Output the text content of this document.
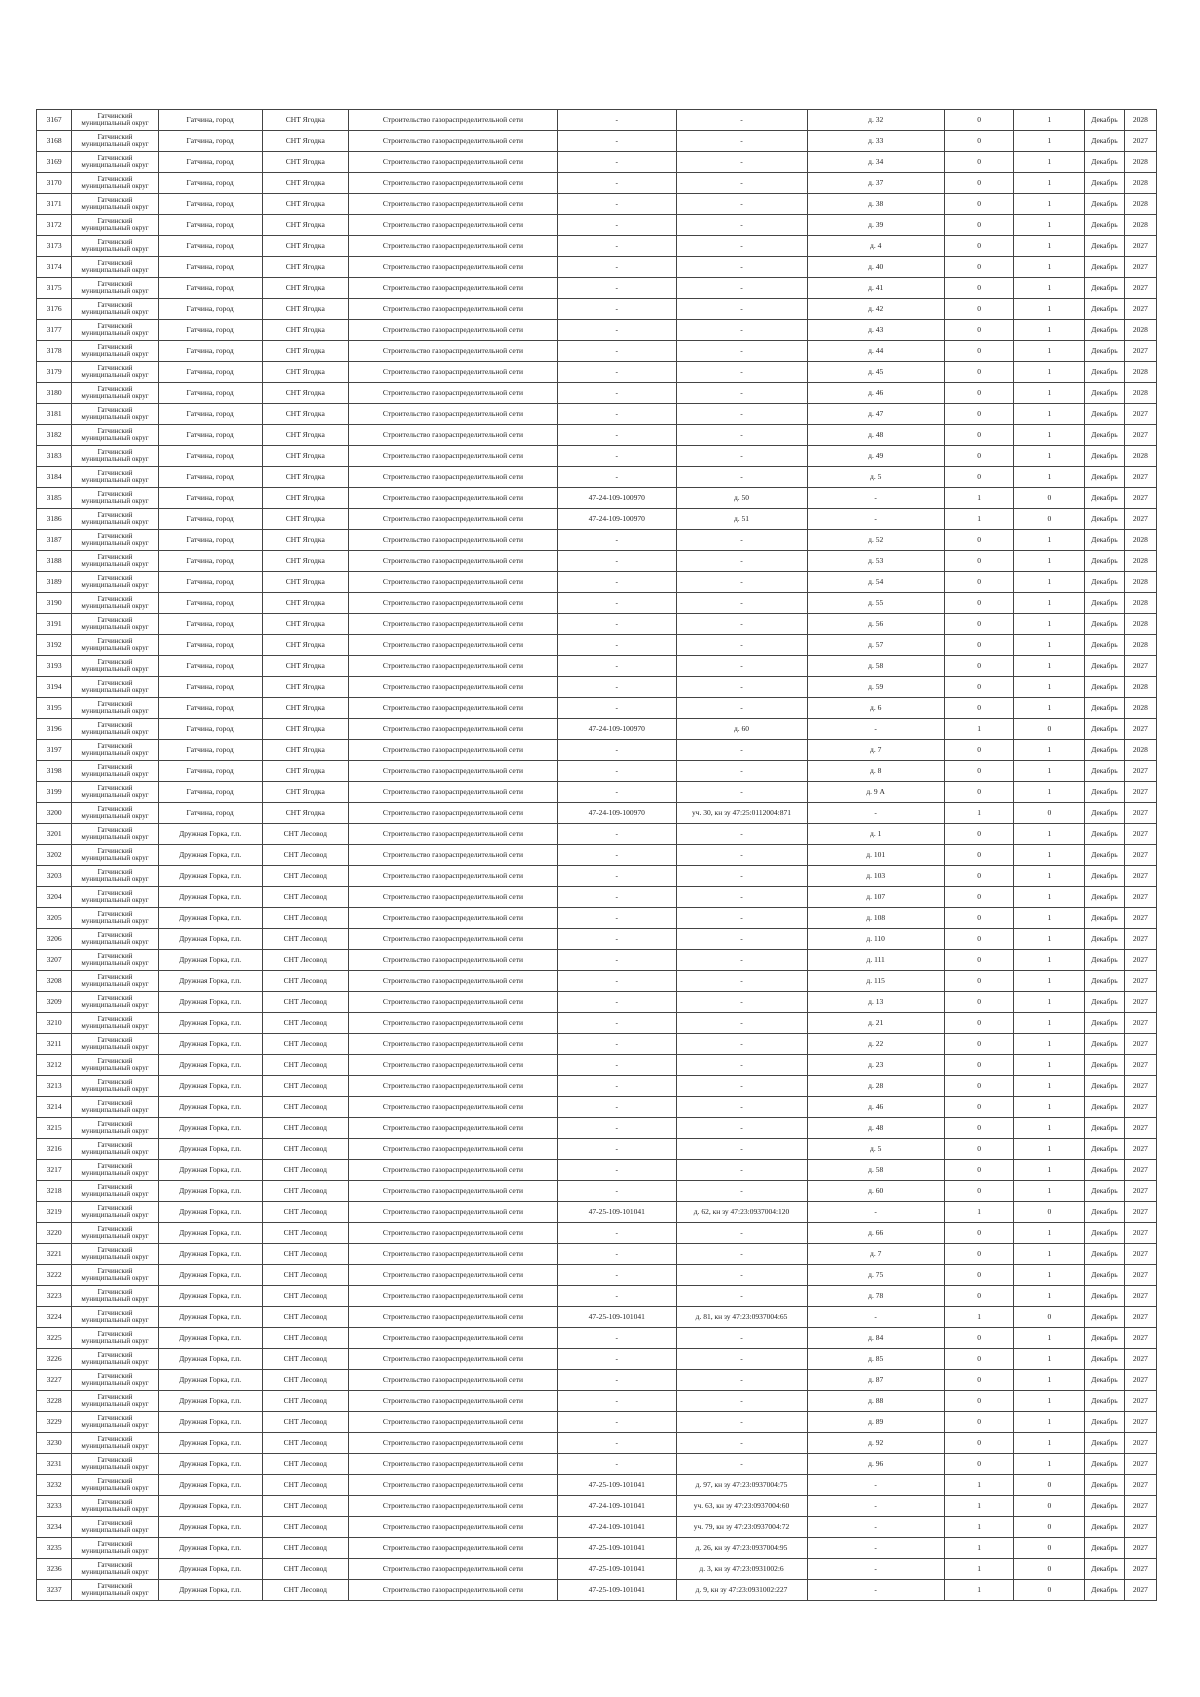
3167	Гатчинский
муниципальный округ	Гатчина, город	СНТ Ягодка	Строительство газораспределительной сети	-	-	д. 32	0	1	Декабрь	2028
3168	Гатчинский
муниципальный округ	Гатчина, город	СНТ Ягодка	Строительство газораспределительной сети	-	-	д. 33	0	1	Декабрь	2027
3169	Гатчинский
муниципальный округ	Гатчина, город	СНТ Ягодка	Строительство газораспределительной сети	-	-	д. 34	0	1	Декабрь	2028
3170	Гатчинский
муниципальный округ	Гатчина, город	СНТ Ягодка	Строительство газораспределительной сети	-	-	д. 37	0	1	Декабрь	2028
3171	Гатчинский
муниципальный округ	Гатчина, город	СНТ Ягодка	Строительство газораспределительной сети	-	-	д. 38	0	1	Декабрь	2028
3172	Гатчинский
муниципальный округ	Гатчина, город	СНТ Ягодка	Строительство газораспределительной сети	-	-	д. 39	0	1	Декабрь	2028
3173	Гатчинский
муниципальный округ	Гатчина, город	СНТ Ягодка	Строительство газораспределительной сети	-	-	д. 4	0	1	Декабрь	2027
3174	Гатчинский
муниципальный округ	Гатчина, город	СНТ Ягодка	Строительство газораспределительной сети	-	-	д. 40	0	1	Декабрь	2027
3175	Гатчинский
муниципальный округ	Гатчина, город	СНТ Ягодка	Строительство газораспределительной сети	-	-	д. 41	0	1	Декабрь	2027
3176	Гатчинский
муниципальный округ	Гатчина, город	СНТ Ягодка	Строительство газораспределительной сети	-	-	д. 42	0	1	Декабрь	2027
3177	Гатчинский
муниципальный округ	Гатчина, город	СНТ Ягодка	Строительство газораспределительной сети	-	-	д. 43	0	1	Декабрь	2028
3178	Гатчинский
муниципальный округ	Гатчина, город	СНТ Ягодка	Строительство газораспределительной сети	-	-	д. 44	0	1	Декабрь	2027
3179	Гатчинский
муниципальный округ	Гатчина, город	СНТ Ягодка	Строительство газораспределительной сети	-	-	д. 45	0	1	Декабрь	2028
3180	Гатчинский
муниципальный округ	Гатчина, город	СНТ Ягодка	Строительство газораспределительной сети	-	-	д. 46	0	1	Декабрь	2028
3181	Гатчинский
муниципальный округ	Гатчина, город	СНТ Ягодка	Строительство газораспределительной сети	-	-	д. 47	0	1	Декабрь	2027
3182	Гатчинский
муниципальный округ	Гатчина, город	СНТ Ягодка	Строительство газораспределительной сети	-	-	д. 48	0	1	Декабрь	2027
3183	Гатчинский
муниципальный округ	Гатчина, город	СНТ Ягодка	Строительство газораспределительной сети	-	-	д. 49	0	1	Декабрь	2028
3184	Гатчинский
муниципальный округ	Гатчина, город	СНТ Ягодка	Строительство газораспределительной сети	-	-	д. 5	0	1	Декабрь	2027
3185	Гатчинский
муниципальный округ	Гатчина, город	СНТ Ягодка	Строительство газораспределительной сети	47-24-109-100970	д. 50	-	1	0	Декабрь	2027
3186	Гатчинский
муниципальный округ	Гатчина, город	СНТ Ягодка	Строительство газораспределительной сети	47-24-109-100970	д. 51	-	1	0	Декабрь	2027
3187	Гатчинский
муниципальный округ	Гатчина, город	СНТ Ягодка	Строительство газораспределительной сети	-	-	д. 52	0	1	Декабрь	2028
3188	Гатчинский
муниципальный округ	Гатчина, город	СНТ Ягодка	Строительство газораспределительной сети	-	-	д. 53	0	1	Декабрь	2028
3189	Гатчинский
муниципальный округ	Гатчина, город	СНТ Ягодка	Строительство газораспределительной сети	-	-	д. 54	0	1	Декабрь	2028
3190	Гатчинский
муниципальный округ	Гатчина, город	СНТ Ягодка	Строительство газораспределительной сети	-	-	д. 55	0	1	Декабрь	2028
3191	Гатчинский
муниципальный округ	Гатчина, город	СНТ Ягодка	Строительство газораспределительной сети	-	-	д. 56	0	1	Декабрь	2028
3192	Гатчинский
муниципальный округ	Гатчина, город	СНТ Ягодка	Строительство газораспределительной сети	-	-	д. 57	0	1	Декабрь	2028
3193	Гатчинский
муниципальный округ	Гатчина, город	СНТ Ягодка	Строительство газораспределительной сети	-	-	д. 58	0	1	Декабрь	2027
3194	Гатчинский
муниципальный округ	Гатчина, город	СНТ Ягодка	Строительство газораспределительной сети	-	-	д. 59	0	1	Декабрь	2028
3195	Гатчинский
муниципальный округ	Гатчина, город	СНТ Ягодка	Строительство газораспределительной сети	-	-	д. 6	0	1	Декабрь	2028
3196	Гатчинский
муниципальный округ	Гатчина, город	СНТ Ягодка	Строительство газораспределительной сети	47-24-109-100970	д. 60	-	1	0	Декабрь	2027
3197	Гатчинский
муниципальный округ	Гатчина, город	СНТ Ягодка	Строительство газораспределительной сети	-	-	д. 7	0	1	Декабрь	2028
3198	Гатчинский
муниципальный округ	Гатчина, город	СНТ Ягодка	Строительство газораспределительной сети	-	-	д. 8	0	1	Декабрь	2027
3199	Гатчинский
муниципальный округ	Гатчина, город	СНТ Ягодка	Строительство газораспределительной сети	-	-	д. 9 А	0	1	Декабрь	2027
3200	Гатчинский
муниципальный округ	Гатчина, город	СНТ Ягодка	Строительство газораспределительной сети	47-24-109-100970	уч. 30, кн зу 47:25:0112004:871	-	1	0	Декабрь	2027
3201	Гатчинский
муниципальный округ	Дружная Горка, г.п.	СНТ Лесовод	Строительство газораспределительной сети	-	-	д. 1	0	1	Декабрь	2027
3202	Гатчинский
муниципальный округ	Дружная Горка, г.п.	СНТ Лесовод	Строительство газораспределительной сети	-	-	д. 101	0	1	Декабрь	2027
3203	Гатчинский
муниципальный округ	Дружная Горка, г.п.	СНТ Лесовод	Строительство газораспределительной сети	-	-	д. 103	0	1	Декабрь	2027
3204	Гатчинский
муниципальный округ	Дружная Горка, г.п.	СНТ Лесовод	Строительство газораспределительной сети	-	-	д. 107	0	1	Декабрь	2027
3205	Гатчинский
муниципальный округ	Дружная Горка, г.п.	СНТ Лесовод	Строительство газораспределительной сети	-	-	д. 108	0	1	Декабрь	2027
3206	Гатчинский
муниципальный округ	Дружная Горка, г.п.	СНТ Лесовод	Строительство газораспределительной сети	-	-	д. 110	0	1	Декабрь	2027
3207	Гатчинский
муниципальный округ	Дружная Горка, г.п.	СНТ Лесовод	Строительство газораспределительной сети	-	-	д. 111	0	1	Декабрь	2027
3208	Гатчинский
муниципальный округ	Дружная Горка, г.п.	СНТ Лесовод	Строительство газораспределительной сети	-	-	д. 115	0	1	Декабрь	2027
3209	Гатчинский
муниципальный округ	Дружная Горка, г.п.	СНТ Лесовод	Строительство газораспределительной сети	-	-	д. 13	0	1	Декабрь	2027
3210	Гатчинский
муниципальный округ	Дружная Горка, г.п.	СНТ Лесовод	Строительство газораспределительной сети	-	-	д. 21	0	1	Декабрь	2027
3211	Гатчинский
муниципальный округ	Дружная Горка, г.п.	СНТ Лесовод	Строительство газораспределительной сети	-	-	д. 22	0	1	Декабрь	2027
3212	Гатчинский
муниципальный округ	Дружная Горка, г.п.	СНТ Лесовод	Строительство газораспределительной сети	-	-	д. 23	0	1	Декабрь	2027
3213	Гатчинский
муниципальный округ	Дружная Горка, г.п.	СНТ Лесовод	Строительство газораспределительной сети	-	-	д. 28	0	1	Декабрь	2027
3214	Гатчинский
муниципальный округ	Дружная Горка, г.п.	СНТ Лесовод	Строительство газораспределительной сети	-	-	д. 46	0	1	Декабрь	2027
3215	Гатчинский
муниципальный округ	Дружная Горка, г.п.	СНТ Лесовод	Строительство газораспределительной сети	-	-	д. 48	0	1	Декабрь	2027
3216	Гатчинский
муниципальный округ	Дружная Горка, г.п.	СНТ Лесовод	Строительство газораспределительной сети	-	-	д. 5	0	1	Декабрь	2027
3217	Гатчинский
муниципальный округ	Дружная Горка, г.п.	СНТ Лесовод	Строительство газораспределительной сети	-	-	д. 58	0	1	Декабрь	2027
3218	Гатчинский
муниципальный округ	Дружная Горка, г.п.	СНТ Лесовод	Строительство газораспределительной сети	-	-	д. 60	0	1	Декабрь	2027
3219	Гатчинский
муниципальный округ	Дружная Горка, г.п.	СНТ Лесовод	Строительство газораспределительной сети	47-25-109-101041	д. 62, кн зу 47:23:0937004:120	-	1	0	Декабрь	2027
3220	Гатчинский
муниципальный округ	Дружная Горка, г.п.	СНТ Лесовод	Строительство газораспределительной сети	-	-	д. 66	0	1	Декабрь	2027
3221	Гатчинский
муниципальный округ	Дружная Горка, г.п.	СНТ Лесовод	Строительство газораспределительной сети	-	-	д. 7	0	1	Декабрь	2027
3222	Гатчинский
муниципальный округ	Дружная Горка, г.п.	СНТ Лесовод	Строительство газораспределительной сети	-	-	д. 75	0	1	Декабрь	2027
3223	Гатчинский
муниципальный округ	Дружная Горка, г.п.	СНТ Лесовод	Строительство газораспределительной сети	-	-	д. 78	0	1	Декабрь	2027
3224	Гатчинский
муниципальный округ	Дружная Горка, г.п.	СНТ Лесовод	Строительство газораспределительной сети	47-25-109-101041	д. 81, кн зу 47:23:0937004:65	-	1	0	Декабрь	2027
3225	Гатчинский
муниципальный округ	Дружная Горка, г.п.	СНТ Лесовод	Строительство газораспределительной сети	-	-	д. 84	0	1	Декабрь	2027
3226	Гатчинский
муниципальный округ	Дружная Горка, г.п.	СНТ Лесовод	Строительство газораспределительной сети	-	-	д. 85	0	1	Декабрь	2027
3227	Гатчинский
муниципальный округ	Дружная Горка, г.п.	СНТ Лесовод	Строительство газораспределительной сети	-	-	д. 87	0	1	Декабрь	2027
3228	Гатчинский
муниципальный округ	Дружная Горка, г.п.	СНТ Лесовод	Строительство газораспределительной сети	-	-	д. 88	0	1	Декабрь	2027
3229	Гатчинский
муниципальный округ	Дружная Горка, г.п.	СНТ Лесовод	Строительство газораспределительной сети	-	-	д. 89	0	1	Декабрь	2027
3230	Гатчинский
муниципальный округ	Дружная Горка, г.п.	СНТ Лесовод	Строительство газораспределительной сети	-	-	д. 92	0	1	Декабрь	2027
3231	Гатчинский
муниципальный округ	Дружная Горка, г.п.	СНТ Лесовод	Строительство газораспределительной сети	-	-	д. 96	0	1	Декабрь	2027
3232	Гатчинский
муниципальный округ	Дружная Горка, г.п.	СНТ Лесовод	Строительство газораспределительной сети	47-25-109-101041	д. 97, кн зу 47:23:0937004:75	-	1	0	Декабрь	2027
3233	Гатчинский
муниципальный округ	Дружная Горка, г.п.	СНТ Лесовод	Строительство газораспределительной сети	47-24-109-101041	уч. 63, кн зу 47:23:0937004:60	-	1	0	Декабрь	2027
3234	Гатчинский
муниципальный округ	Дружная Горка, г.п.	СНТ Лесовод	Строительство газораспределительной сети	47-24-109-101041	уч. 79, кн зу 47:23:0937004:72	-	1	0	Декабрь	2027
3235	Гатчинский
муниципальный округ	Дружная Горка, г.п.	СНТ Лесовод	Строительство газораспределительной сети	47-25-109-101041	д. 26, кн зу 47:23:0937004:95	-	1	0	Декабрь	2027
3236	Гатчинский
муниципальный округ	Дружная Горка, г.п.	СНТ Лесовод	Строительство газораспределительной сети	47-25-109-101041	д. 3, кн зу 47:23:0931002:6	-	1	0	Декабрь	2027
3237	Гатчинский
муниципальный округ	Дружная Горка, г.п.	СНТ Лесовод	Строительство газораспределительной сети	47-25-109-101041	д. 9, кн зу 47:23:0931002:227	-	1	0	Декабрь	2027
